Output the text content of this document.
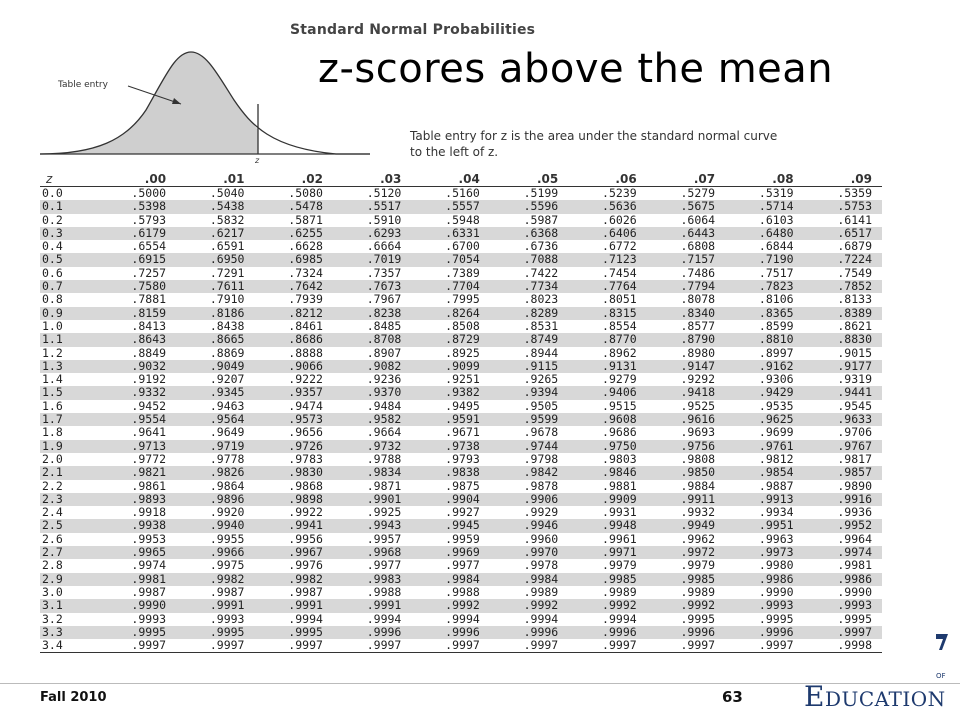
Standard Normal Probabilities
z-scores above the mean
Table entry
z
Table entry for z is the area under the standard normal curve
to the left of z.
z	.00	.01	.02	.03	.04	.05	.06	.07	.08	.09
0.0	.5000	.5040	.5080	.5120	.5160	.5199	.5239	.5279	.5319	.5359
0.1	.5398	.5438	.5478	.5517	.5557	.5596	.5636	.5675	.5714	.5753
0.2	.5793	.5832	.5871	.5910	.5948	.5987	.6026	.6064	.6103	.6141
0.3	.6179	.6217	.6255	.6293	.6331	.6368	.6406	.6443	.6480	.6517
0.4	.6554	.6591	.6628	.6664	.6700	.6736	.6772	.6808	.6844	.6879
0.5	.6915	.6950	.6985	.7019	.7054	.7088	.7123	.7157	.7190	.7224
0.6	.7257	.7291	.7324	.7357	.7389	.7422	.7454	.7486	.7517	.7549
0.7	.7580	.7611	.7642	.7673	.7704	.7734	.7764	.7794	.7823	.7852
0.8	.7881	.7910	.7939	.7967	.7995	.8023	.8051	.8078	.8106	.8133
0.9	.8159	.8186	.8212	.8238	.8264	.8289	.8315	.8340	.8365	.8389
1.0	.8413	.8438	.8461	.8485	.8508	.8531	.8554	.8577	.8599	.8621
1.1	.8643	.8665	.8686	.8708	.8729	.8749	.8770	.8790	.8810	.8830
1.2	.8849	.8869	.8888	.8907	.8925	.8944	.8962	.8980	.8997	.9015
1.3	.9032	.9049	.9066	.9082	.9099	.9115	.9131	.9147	.9162	.9177
1.4	.9192	.9207	.9222	.9236	.9251	.9265	.9279	.9292	.9306	.9319
1.5	.9332	.9345	.9357	.9370	.9382	.9394	.9406	.9418	.9429	.9441
1.6	.9452	.9463	.9474	.9484	.9495	.9505	.9515	.9525	.9535	.9545
1.7	.9554	.9564	.9573	.9582	.9591	.9599	.9608	.9616	.9625	.9633
1.8	.9641	.9649	.9656	.9664	.9671	.9678	.9686	.9693	.9699	.9706
1.9	.9713	.9719	.9726	.9732	.9738	.9744	.9750	.9756	.9761	.9767
2.0	.9772	.9778	.9783	.9788	.9793	.9798	.9803	.9808	.9812	.9817
2.1	.9821	.9826	.9830	.9834	.9838	.9842	.9846	.9850	.9854	.9857
2.2	.9861	.9864	.9868	.9871	.9875	.9878	.9881	.9884	.9887	.9890
2.3	.9893	.9896	.9898	.9901	.9904	.9906	.9909	.9911	.9913	.9916
2.4	.9918	.9920	.9922	.9925	.9927	.9929	.9931	.9932	.9934	.9936
2.5	.9938	.9940	.9941	.9943	.9945	.9946	.9948	.9949	.9951	.9952
2.6	.9953	.9955	.9956	.9957	.9959	.9960	.9961	.9962	.9963	.9964
2.7	.9965	.9966	.9967	.9968	.9969	.9970	.9971	.9972	.9973	.9974
2.8	.9974	.9975	.9976	.9977	.9977	.9978	.9979	.9979	.9980	.9981
2.9	.9981	.9982	.9982	.9983	.9984	.9984	.9985	.9985	.9986	.9986
3.0	.9987	.9987	.9987	.9988	.9988	.9989	.9989	.9989	.9990	.9990
3.1	.9990	.9991	.9991	.9991	.9992	.9992	.9992	.9992	.9993	.9993
3.2	.9993	.9993	.9994	.9994	.9994	.9994	.9994	.9995	.9995	.9995
3.3	.9995	.9995	.9995	.9996	.9996	.9996	.9996	.9996	.9996	.9997
3.4	.9997	.9997	.9997	.9997	.9997	.9997	.9997	.9997	.9997	.9998
Fall 2010	63
OF
Education
